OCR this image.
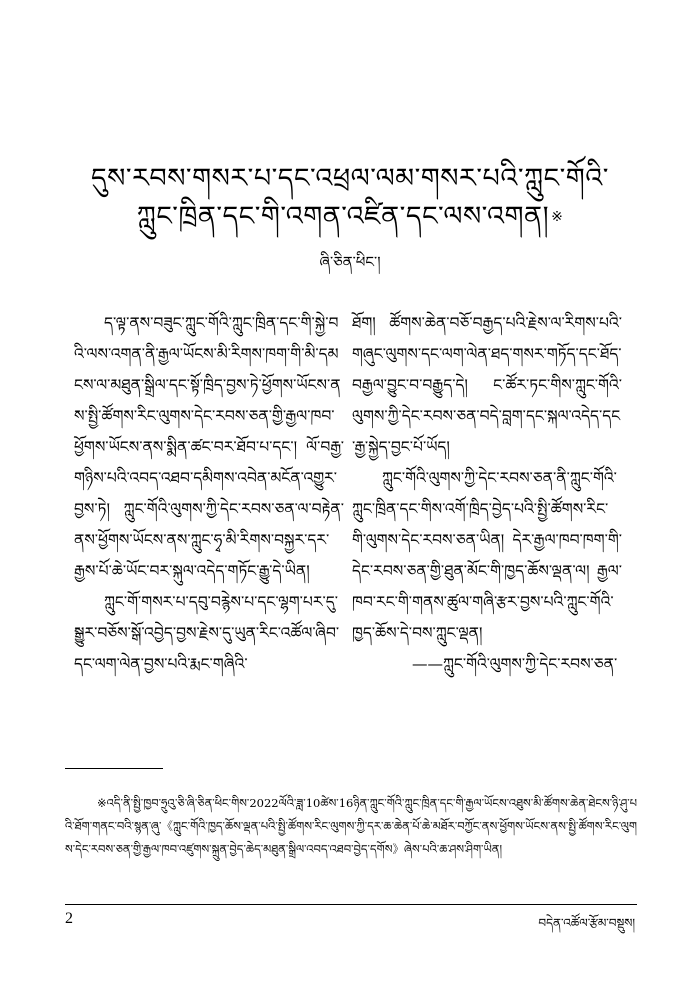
དུས་རབས་གསར་པ་དང་འཕྲལ་ལམ་གསར་པའི་ཀླུང་གོའི་
ཀླུང་ཁྲིན་དང་གི་འགན་འཛིན་དང་ལས་འགན། ※
ཞི་ཅིན་ཕིང་།

ད་ལྟ་ནས་བཟུང་ཀླུང་གོའི་ཀླུང་ཁྲིན་དང་གི་སྐྱེ་བའི་ལས་འགན་ནི་རྒྱལ་ཡོངས་མི་རིགས་ཁག་གི་མི་དམངས་ལ་མཐུན་སྒྲིལ་དང་སྟོ་ཁྲིད་བྱས་ཏེ་ཕྱོགས་ཡོངས་ནས་སྤྱི་ཚོགས་རིང་ལུགས་དེང་རབས་ཅན་གྱི་རྒྱལ་ཁབ་ཕྱོགས་ཡོངས་ནས་སྨིན་ཚང་བར་ཐོབ་པ་དང་། ལོ་བརྒྱ་གཉིས་པའི་འབད་འཐབ་དམིགས་འབེན་མངོན་འགྱུར་བྱས་ཏེ། ཀླུང་གོའི་ལུགས་ཀྱི་དེང་རབས་ཅན་ལ་བརྟེན་ནས་ཕྱོགས་ཡོངས་ནས་ཀླུང་ཧྭ་མི་རིགས་བསྐྱར་དར་རྒྱས་པོ་ཆེ་ཡོང་བར་སྐུལ་འདེད་གཏོང་རྒྱུ་དེ་ཡིན།

ཀླུང་གོ་གསར་པ་དབུ་བརྙེས་པ་དང་ལྷག་པར་དུ་སྒྱུར་བཅོས་སྒོ་འབྱེད་བྱས་རྗེས་དུ་ཡུན་རིང་འཚོལ་ཞིབ་དང་ལག་ལེན་བྱས་པའི་རྨང་གཞིའི་

ཐོག། ཚོགས་ཆེན་བཅོ་བརྒྱད་པའི་རྗེས་ལ་རིགས་པའི་གཞུང་ལུགས་དང་ལག་ལེན་ཐད་གསར་གཏོད་དང་ཐོད་བརྒྱལ་བྱུང་བ་བརྒྱུད་དེ། ང་ཚོར་ཏང་གིས་ཀླུང་གོའི་ལུགས་ཀྱི་དེང་རབས་ཅན་བདེ་བླག་དང་སྐལ་འདེད་དང་རྒྱ་སྐྱེད་བྱང་པོ་ཡོད།

ཀླུང་གོའི་ལུགས་ཀྱི་དེང་རབས་ཅན་ནི་ཀླུང་གོའི་ཀླུང་ཁྲིན་དང་གིས་འགོ་ཁྲིད་བྱེད་པའི་སྤྱི་ཚོགས་རིང་གི་ལུགས་དེང་རབས་ཅན་ཡིན། དེར་རྒྱལ་ཁབ་ཁག་གི་དེང་རབས་ཅན་གྱི་ཐུན་མོང་གི་ཁྱད་ཆོས་ལྡན་ལ། རྒྱལ་ཁབ་རང་གི་གནས་ཚུལ་གཞི་རྩར་བྱས་པའི་ཀླུང་གོའི་ཁྱད་ཆོས་དེ་བས་ཀླུང་ལྡན།

——ཀླུང་གོའི་ལུགས་ཀྱི་དེང་རབས་ཅན་

※འདི་ནི་སྤྱི་ཁྱབ་ཧྲུའུ་ཅི་ཞི་ཅིན་ཕིང་གིས་2022ལོའི་ཟླ་10ཚེས་16ཉིན་ཀླུང་གོའི་ཀླུང་ཁྲིན་དང་གི་རྒྱལ་ཡོངས་འཐུས་མི་ཚོགས་ཆེན་ཐེངས་ཉི་ཤུ་པའི་ཐོག་གནང་བའི་སྙན་ཞུ་《ཀླུང་གོའི་ཁྱད་ཆོས་ལྡན་པའི་སྤྱི་ཚོགས་རིང་ལུགས་ཀྱི་དར་ཆ་ཆེན་པོ་ཆེ་མཐོར་བཀྱོང་ནས་ཕྱོགས་ཡོངས་ནས་སྤྱི་ཚོགས་རིང་ལུགས་དེང་རབས་ཅན་གྱི་རྒྱལ་ཁབ་འཛུགས་སྐྲུན་བྱེད་ཆེད་མཐུན་སྒྲིལ་འབད་འཐབ་བྱེད་དགོས》ཞེས་པའི་ཆ་ཤས་ཤིག་ཡིན།
2	བདེན་འཚོལ་རྩོམ་བསྡུས།
